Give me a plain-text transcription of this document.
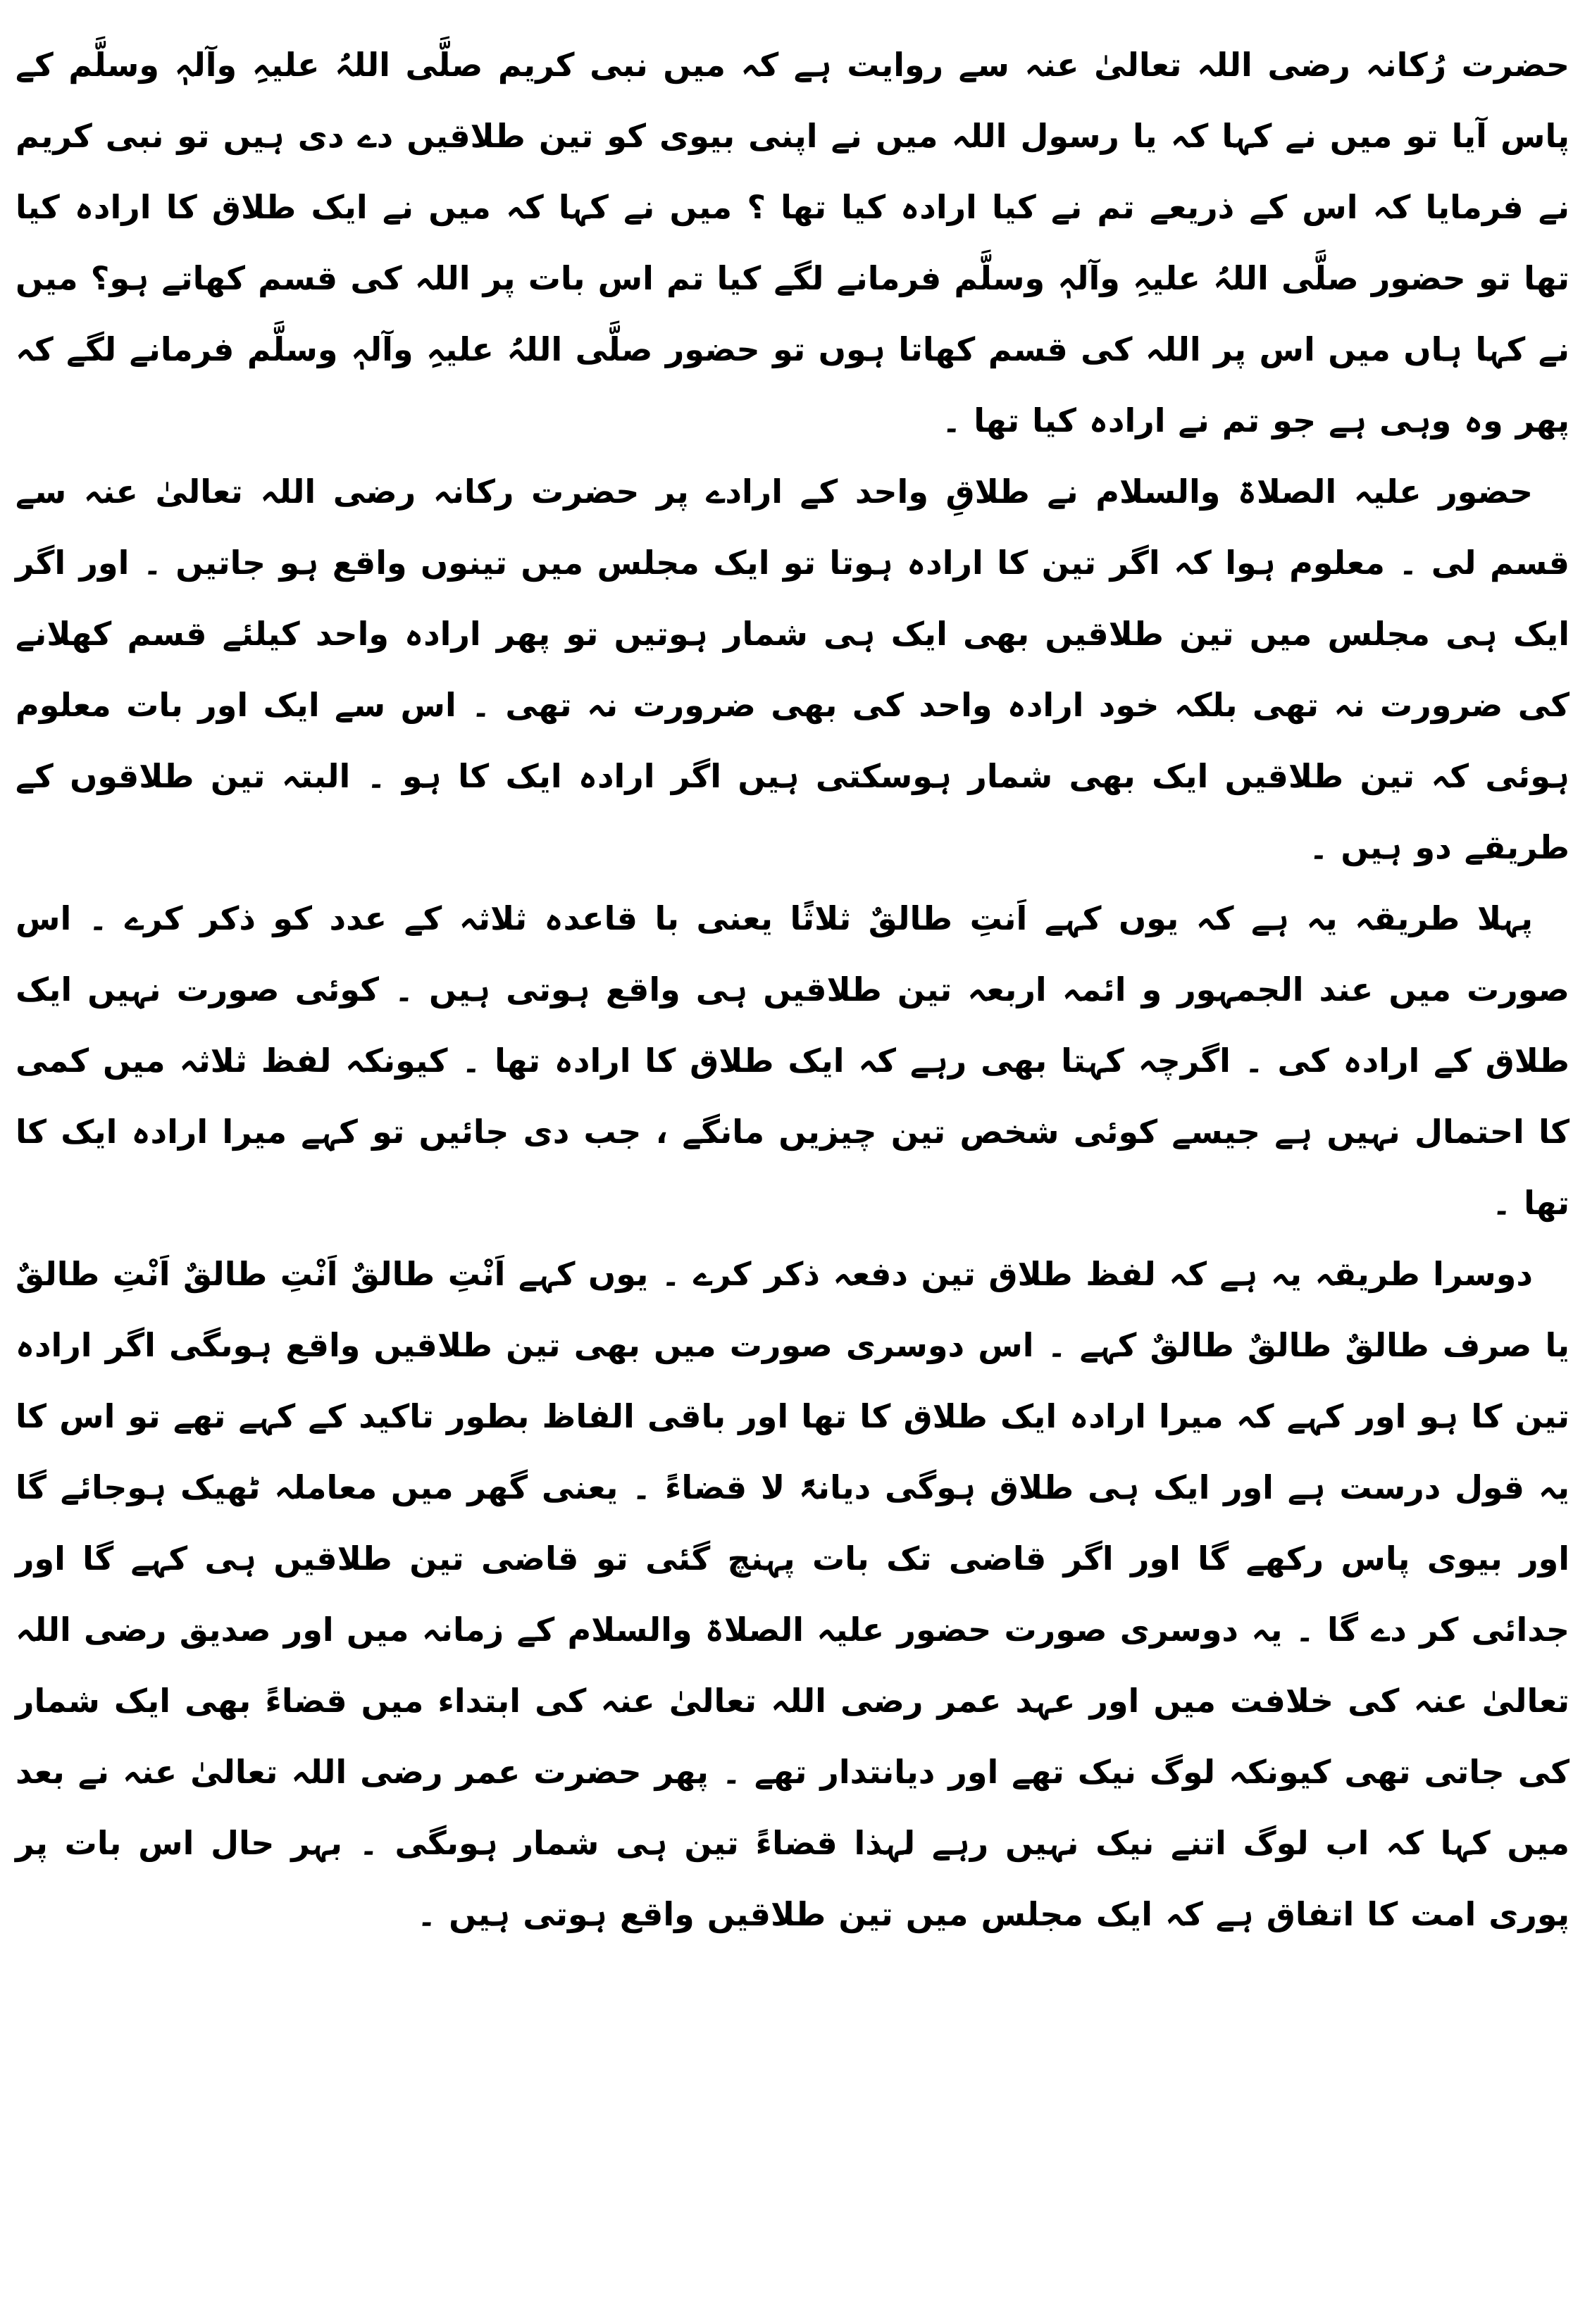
حضرت رُکانہ رضی اللہ تعالیٰ عنہ سے روایت ہے کہ میں نبی کریم صلَّی اللہُ علیہِ وآلہٖ وسلَّم کے پاس آیا تو میں نے کہا کہ یا رسول اللہ میں نے اپنی بیوی کو تین طلاقیں دے دی ہیں تو نبی کریم نے فرمایا کہ اس کے ذریعے تم نے کیا ارادہ کیا تھا ؟ میں نے کہا کہ میں نے ایک طلاق کا ارادہ کیا تھا تو حضور صلَّی اللہُ علیہِ وآلہٖ وسلَّم فرمانے لگے کیا تم اس بات پر اللہ کی قسم کھاتے ہو؟ میں نے کہا ہاں میں اس پر اللہ کی قسم کھاتا ہوں تو حضور صلَّی اللہُ علیہِ وآلہٖ وسلَّم فرمانے لگے کہ پھر وہ وہی ہے جو تم نے ارادہ کیا تھا ۔

حضور علیہ الصلاۃ والسلام نے طلاقِ واحد کے ارادے پر حضرت رکانہ رضی اللہ تعالیٰ عنہ سے قسم لی ۔ معلوم ہوا کہ اگر تین کا ارادہ ہوتا تو ایک مجلس میں تینوں واقع ہو جاتیں ۔ اور اگر ایک ہی مجلس میں تین طلاقیں بھی ایک ہی شمار ہوتیں تو پھر ارادہ واحد کیلئے قسم کھلانے کی ضرورت نہ تھی بلکہ خود ارادہ واحد کی بھی ضرورت نہ تھی ۔ اس سے ایک اور بات معلوم ہوئی کہ تین طلاقیں ایک بھی شمار ہوسکتی ہیں اگر ارادہ ایک کا ہو ۔ البتہ تین طلاقوں کے طریقے دو ہیں ۔

پہلا طریقہ یہ ہے کہ یوں کہے اَنتِ طالقٌ ثلاثًا یعنی با قاعدہ ثلاثہ کے عدد کو ذکر کرے ۔ اس صورت میں عند الجمہور و ائمہ اربعہ تین طلاقیں ہی واقع ہوتی ہیں ۔ کوئی صورت نہیں ایک طلاق کے ارادہ کی ۔ اگرچہ کہتا بھی رہے کہ ایک طلاق کا ارادہ تھا ۔ کیونکہ لفظ ثلاثہ میں کمی کا احتمال نہیں ہے جیسے کوئی شخص تین چیزیں مانگے ، جب دی جائیں تو کہے میرا ارادہ ایک کا تھا ۔

دوسرا طریقہ یہ ہے کہ لفظ طلاق تین دفعہ ذکر کرے ۔ یوں کہے اَنْتِ طالقٌ اَنْتِ طالقٌ اَنْتِ طالقٌ یا صرف طالقٌ طالقٌ طالقٌ کہے ۔ اس دوسری صورت میں بھی تین طلاقیں واقع ہوںگی اگر ارادہ تین کا ہو اور کہے کہ میرا ارادہ ایک طلاق کا تھا اور باقی الفاظ بطور تاکید کے کہے تھے تو اس کا یہ قول درست ہے اور ایک ہی طلاق ہوگی دیانۃً لا قضاءً ۔ یعنی گھر میں معاملہ ٹھیک ہوجائے گا اور بیوی پاس رکھے گا اور اگر قاضی تک بات پہنچ گئی تو قاضی تین طلاقیں ہی کہے گا اور جدائی کر دے گا ۔ یہ دوسری صورت حضور علیہ الصلاۃ والسلام کے زمانہ میں اور صدیق رضی اللہ تعالیٰ عنہ کی خلافت میں اور عہد عمر رضی اللہ تعالیٰ عنہ کی ابتداء میں قضاءً بھی ایک شمار کی جاتی تھی کیونکہ لوگ نیک تھے اور دیانتدار تھے ۔ پھر حضرت عمر رضی اللہ تعالیٰ عنہ نے بعد میں کہا کہ اب لوگ اتنے نیک نہیں رہے لہذا قضاءً تین ہی شمار ہوںگی ۔ بہر حال اس بات پر پوری امت کا اتفاق ہے کہ ایک مجلس میں تین طلاقیں واقع ہوتی ہیں ۔
